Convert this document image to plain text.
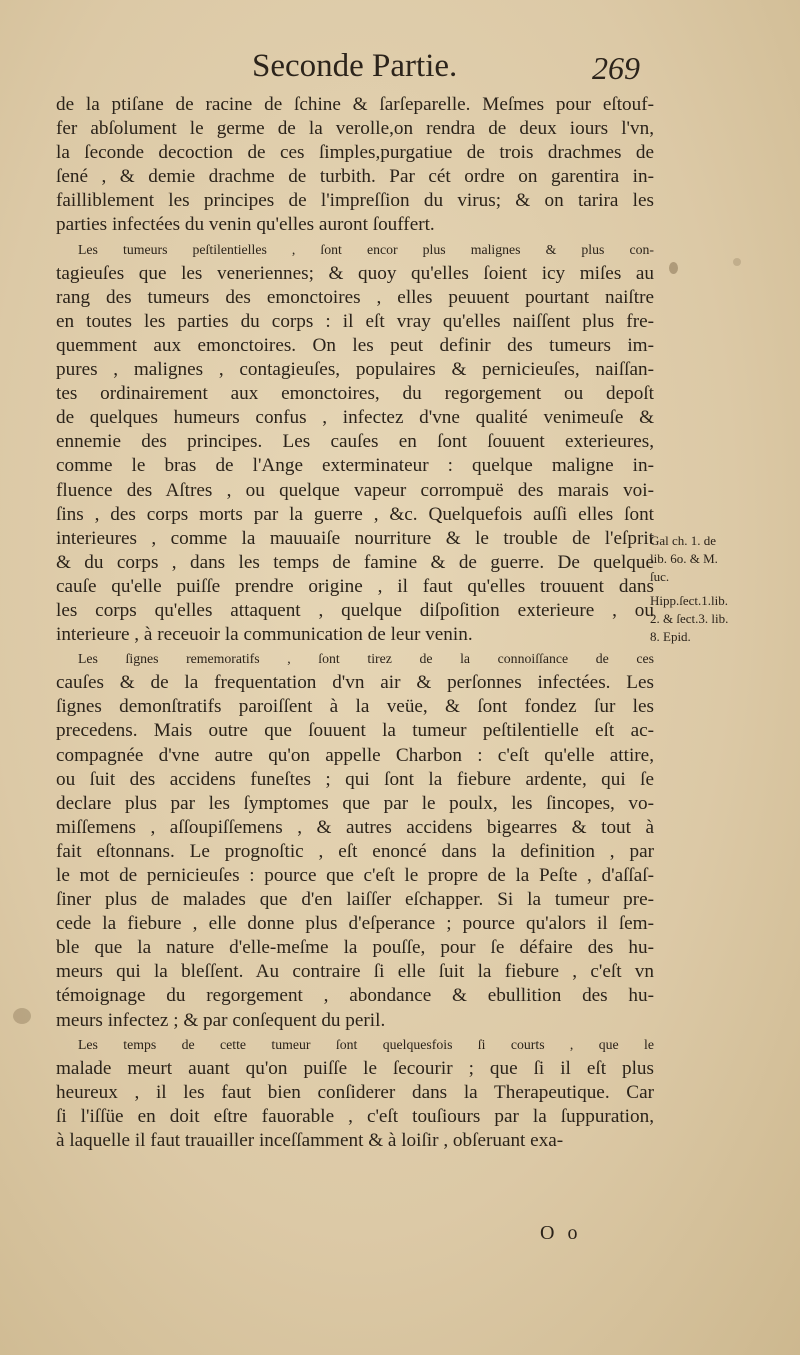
Seconde Partie.	269
de la ptiſane de racine de ſchine & ſarſeparelle. Meſmes pour eſtouf-
fer abſolument le germe de la verolle,on rendra de deux iours l'vn,
la ſeconde decoction de ces ſimples,purgatiue de trois drachmes de
ſené , & demie drachme de turbith. Par cét ordre on garentira in-
failliblement les principes de l'impreſſion du virus; & on tarira les
parties infectées du venin qu'elles auront ſouffert.
Les tumeurs peſtilentielles , ſont encor plus malignes & plus con-
tagieuſes que les veneriennes; & quoy qu'elles ſoient icy miſes au
rang des tumeurs des emonctoires , elles peuuent pourtant naiſtre
en toutes les parties du corps : il eſt vray qu'elles naiſſent plus fre-
quemment aux emonctoires. On les peut definir des tumeurs im-
pures , malignes , contagieuſes, populaires & pernicieuſes, naiſſan-
tes ordinairement aux emonctoires, du regorgement ou depoſt
de quelques humeurs confus , infectez d'vne qualité venimeuſe &
ennemie des principes. Les cauſes en ſont ſouuent exterieures,
comme le bras de l'Ange exterminateur : quelque maligne in-
fluence des Aſtres , ou quelque vapeur corrompuë des marais voi-
ſins , des corps morts par la guerre , &c. Quelquefois auſſi elles ſont
interieures , comme la mauuaiſe nourriture & le trouble de l'eſprit
& du corps , dans les temps de famine & de guerre. De quelque
cauſe qu'elle puiſſe prendre origine , il faut qu'elles trouuent dans
les corps qu'elles attaquent , quelque diſpoſition exterieure , ou
interieure , à receuoir la communication de leur venin.
Les ſignes rememoratifs , ſont tirez de la connoiſſance de ces
cauſes & de la frequentation d'vn air & perſonnes infectées. Les
ſignes demonſtratifs paroiſſent à la veüe, & ſont fondez ſur les
precedens. Mais outre que ſouuent la tumeur peſtilentielle eſt ac-
compagnée d'vne autre qu'on appelle Charbon : c'eſt qu'elle attire,
ou ſuit des accidens funeſtes ; qui ſont la fiebure ardente, qui ſe
declare plus par les ſymptomes que par le poulx, les ſincopes, vo-
miſſemens , aſſoupiſſemens , & autres accidens bigearres & tout à
fait eſtonnans. Le prognoſtic , eſt enoncé dans la definition , par
le mot de pernicieuſes : pource que c'eſt le propre de la Peſte , d'aſſaſ-
ſiner plus de malades que d'en laiſſer eſchapper. Si la tumeur pre-
cede la fiebure , elle donne plus d'eſperance ; pource qu'alors il ſem-
ble que la nature d'elle-meſme la pouſſe, pour ſe défaire des hu-
meurs qui la bleſſent. Au contraire ſi elle ſuit la fiebure , c'eſt vn
témoignage du regorgement , abondance & ebullition des hu-
meurs infectez ; & par conſequent du peril.
Les temps de cette tumeur ſont quelquesfois ſi courts , que le
malade meurt auant qu'on puiſſe le ſecourir ; que ſi il eſt plus
heureux , il les faut bien conſiderer dans la Therapeutique. Car
ſi l'iſſüe en doit eſtre fauorable , c'eſt touſiours par la ſuppuration,
à laquelle il faut trauailler inceſſamment & à loiſir , obſeruant exa-
Gal ch. 1. de
lib. 6o. & M.
ſuc.
Hipp.ſect.1.lib.
2. & ſect.3. lib.
8. Epid.
O o
